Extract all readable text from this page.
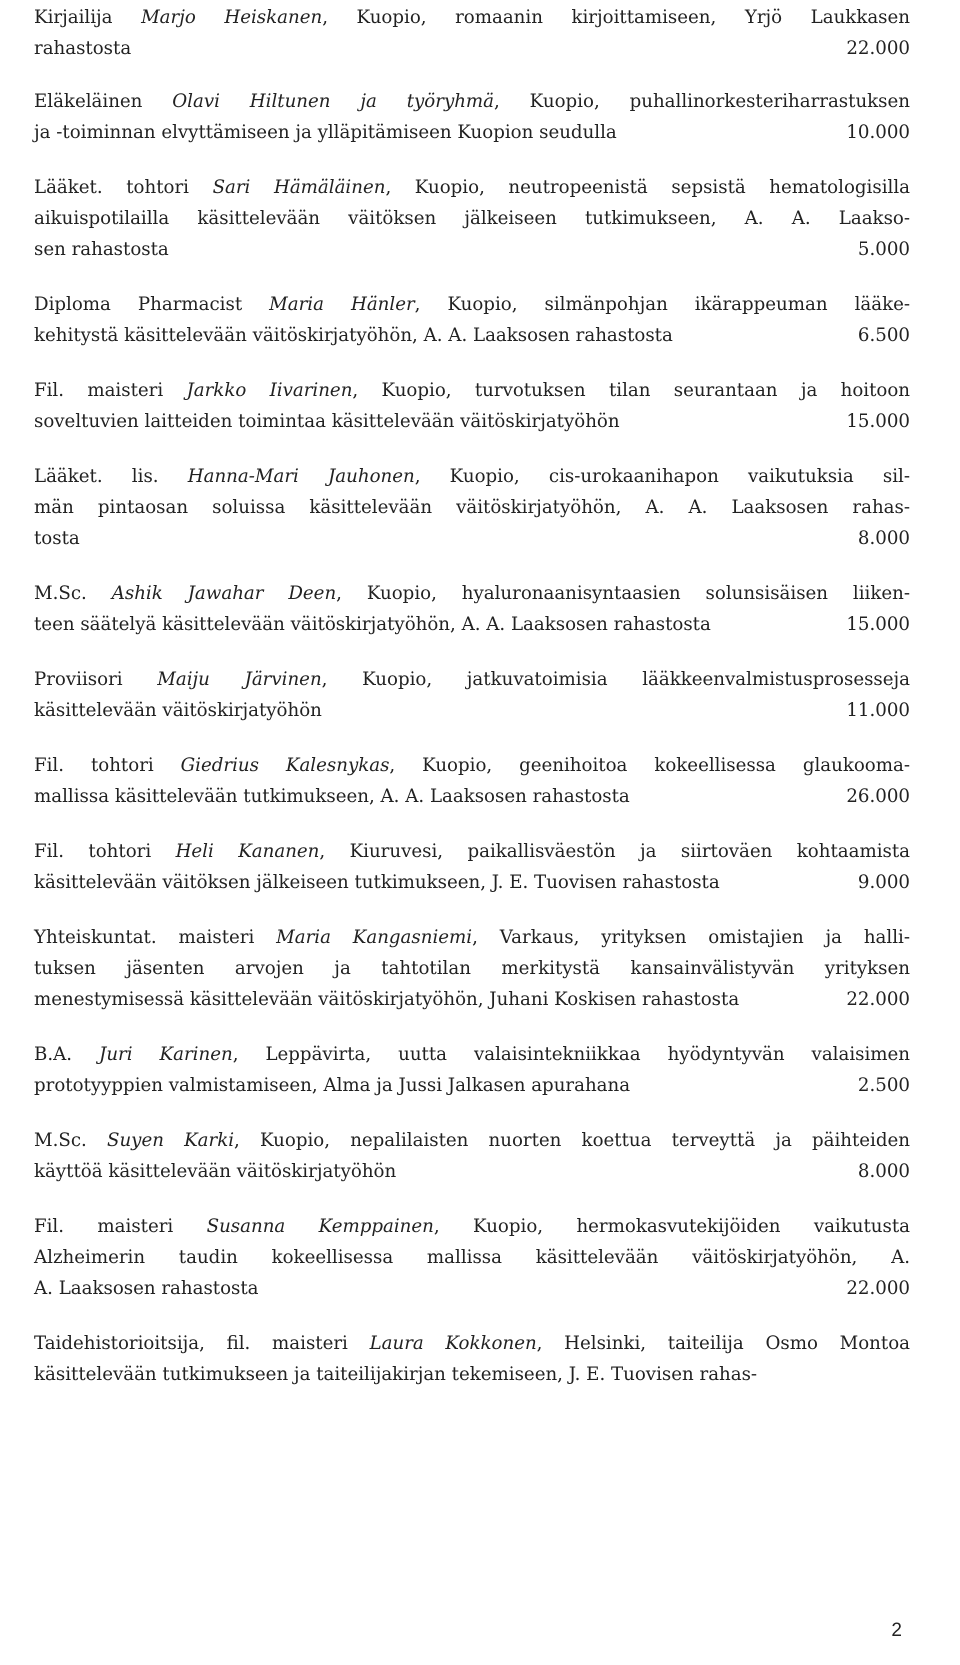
Kirjailija Marjo Heiskanen, Kuopio, romaanin kirjoittamiseen, Yrjö Laukkasen
rahastosta	22.000
Eläkeläinen Olavi Hiltunen ja työryhmä, Kuopio, puhallinorkesteriharrastuksen
ja -toiminnan elvyttämiseen ja ylläpitämiseen Kuopion seudulla	10.000
Lääket. tohtori Sari Hämäläinen, Kuopio, neutropeenistä sepsistä hematologisilla
aikuispotilailla käsittelevään väitöksen jälkeiseen tutkimukseen, A. A. Laakso-
sen rahastosta	5.000
Diploma Pharmacist Maria Hänler, Kuopio, silmänpohjan ikärappeuman lääke-
kehitystä käsittelevään väitöskirjatyöhön, A. A. Laaksosen rahastosta	6.500
Fil. maisteri Jarkko Iivarinen, Kuopio, turvotuksen tilan seurantaan ja hoitoon
soveltuvien laitteiden toimintaa käsittelevään väitöskirjatyöhön	15.000
Lääket. lis. Hanna-Mari Jauhonen, Kuopio, cis-urokaanihapon vaikutuksia sil-
män pintaosan soluissa käsittelevään väitöskirjatyöhön, A. A. Laaksosen rahas-
tosta	8.000
M.Sc. Ashik Jawahar Deen, Kuopio, hyaluronaanisyntaasien solunsisäisen liiken-
teen säätelyä käsittelevään väitöskirjatyöhön, A. A. Laaksosen rahastosta	15.000
Proviisori Maiju Järvinen, Kuopio, jatkuvatoimisia lääkkeenvalmistusprosesseja
käsittelevään väitöskirjatyöhön	11.000
Fil. tohtori Giedrius Kalesnykas, Kuopio, geenihoitoa kokeellisessa glaukooma-
mallissa käsittelevään tutkimukseen, A. A. Laaksosen rahastosta	26.000
Fil. tohtori Heli Kananen, Kiuruvesi, paikallisväestön ja siirtoväen kohtaamista
käsittelevään väitöksen jälkeiseen tutkimukseen, J. E. Tuovisen rahastosta	9.000
Yhteiskuntat. maisteri Maria Kangasniemi, Varkaus, yrityksen omistajien ja halli-
tuksen jäsenten arvojen ja tahtotilan merkitystä kansainvälistyvän yrityksen
menestymisessä käsittelevään väitöskirjatyöhön, Juhani Koskisen rahastosta	22.000
B.A. Juri Karinen, Leppävirta, uutta valaisintekniikkaa hyödyntyvän valaisimen
prototyyppien valmistamiseen, Alma ja Jussi Jalkasen apurahana	2.500
M.Sc. Suyen Karki, Kuopio, nepalilaisten nuorten koettua terveyttä ja päihteiden
käyttöä käsittelevään väitöskirjatyöhön	8.000
Fil. maisteri Susanna Kemppainen, Kuopio, hermokasvutekijöiden vaikutusta
Alzheimerin taudin kokeellisessa mallissa käsittelevään väitöskirjatyöhön, A.
A. Laaksosen rahastosta	22.000
Taidehistorioitsija, fil. maisteri Laura Kokkonen, Helsinki, taiteilija Osmo Montoa
käsittelevään tutkimukseen ja taiteilijakirjan tekemiseen, J. E. Tuovisen rahas-
2
